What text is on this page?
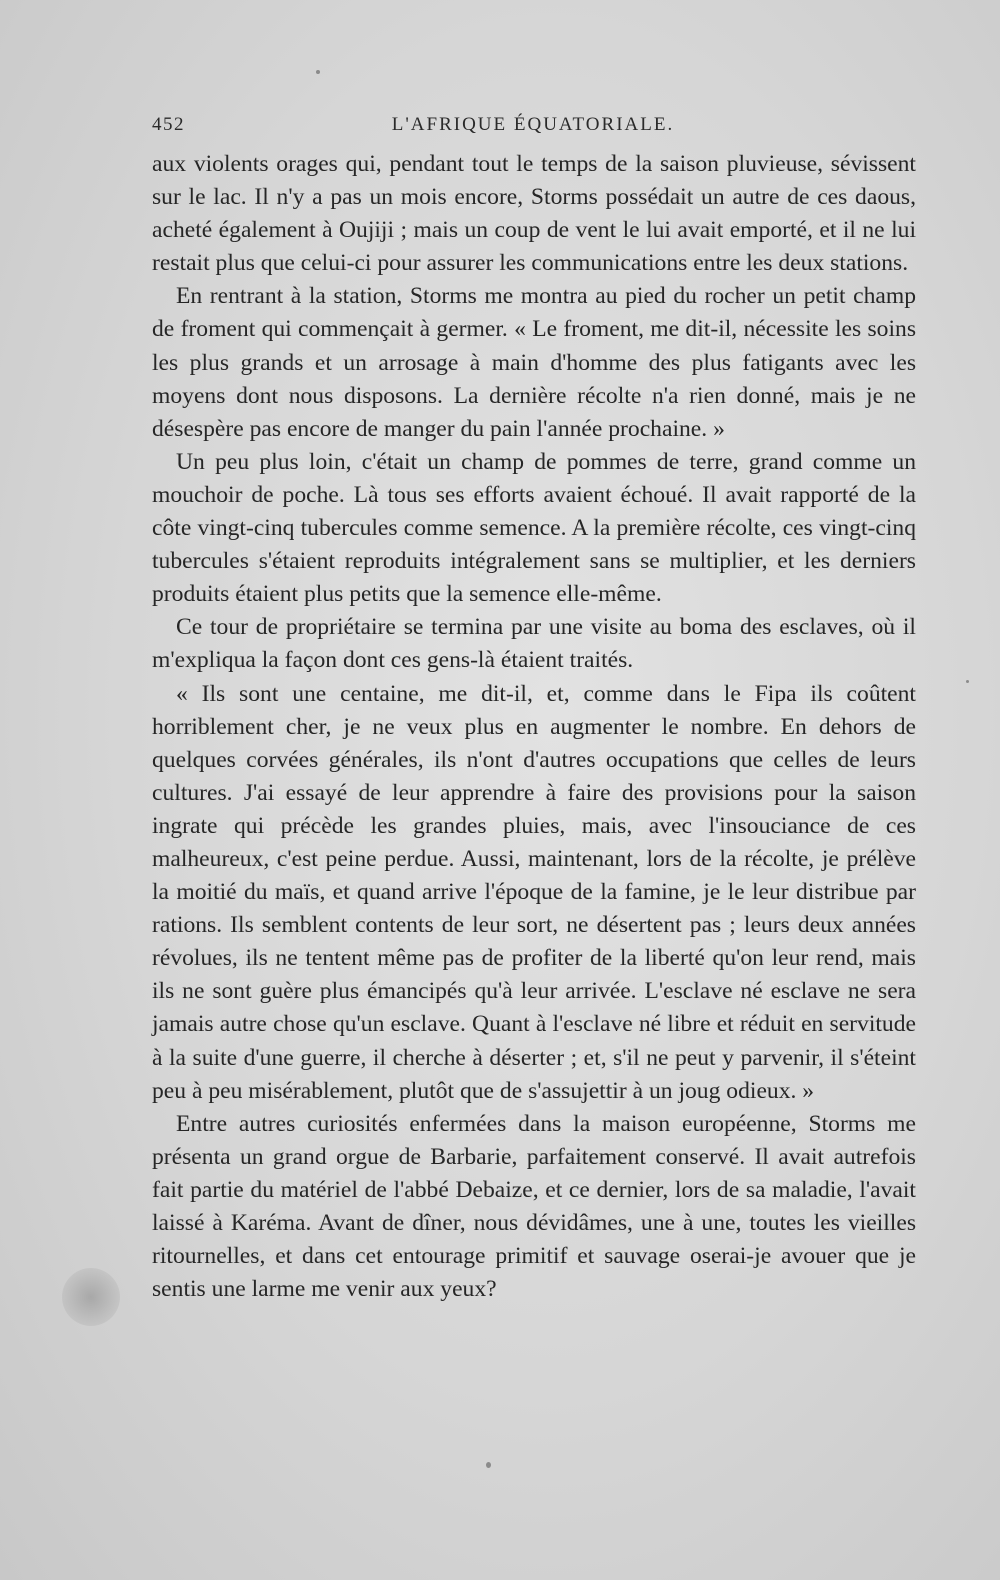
452	L'AFRIQUE ÉQUATORIALE.

aux violents orages qui, pendant tout le temps de la saison pluvieuse, sévissent sur le lac. Il n'y a pas un mois encore, Storms possédait un autre de ces daous, acheté également à Oujiji ; mais un coup de vent le lui avait emporté, et il ne lui restait plus que celui-ci pour assurer les communications entre les deux stations.

En rentrant à la station, Storms me montra au pied du rocher un petit champ de froment qui commençait à germer. « Le froment, me dit-il, nécessite les soins les plus grands et un arrosage à main d'homme des plus fatigants avec les moyens dont nous disposons. La dernière récolte n'a rien donné, mais je ne désespère pas encore de manger du pain l'année prochaine. »

Un peu plus loin, c'était un champ de pommes de terre, grand comme un mouchoir de poche. Là tous ses efforts avaient échoué. Il avait rapporté de la côte vingt-cinq tubercules comme semence. A la première récolte, ces vingt-cinq tubercules s'étaient reproduits intégralement sans se multiplier, et les derniers produits étaient plus petits que la semence elle-même.

Ce tour de propriétaire se termina par une visite au boma des esclaves, où il m'expliqua la façon dont ces gens-là étaient traités.

« Ils sont une centaine, me dit-il, et, comme dans le Fipa ils coûtent horriblement cher, je ne veux plus en augmenter le nombre. En dehors de quelques corvées générales, ils n'ont d'autres occupations que celles de leurs cultures. J'ai essayé de leur apprendre à faire des provisions pour la saison ingrate qui précède les grandes pluies, mais, avec l'insouciance de ces malheureux, c'est peine perdue. Aussi, maintenant, lors de la récolte, je prélève la moitié du maïs, et quand arrive l'époque de la famine, je le leur distribue par rations. Ils semblent contents de leur sort, ne désertent pas ; leurs deux années révolues, ils ne tentent même pas de profiter de la liberté qu'on leur rend, mais ils ne sont guère plus émancipés qu'à leur arrivée. L'esclave né esclave ne sera jamais autre chose qu'un esclave. Quant à l'esclave né libre et réduit en servitude à la suite d'une guerre, il cherche à déserter ; et, s'il ne peut y parvenir, il s'éteint peu à peu misérablement, plutôt que de s'assujettir à un joug odieux. »

Entre autres curiosités enfermées dans la maison européenne, Storms me présenta un grand orgue de Barbarie, parfaitement conservé. Il avait autrefois fait partie du matériel de l'abbé Debaize, et ce dernier, lors de sa maladie, l'avait laissé à Karéma. Avant de dîner, nous dévidâmes, une à une, toutes les vieilles ritournelles, et dans cet entourage primitif et sauvage oserai-je avouer que je sentis une larme me venir aux yeux?
